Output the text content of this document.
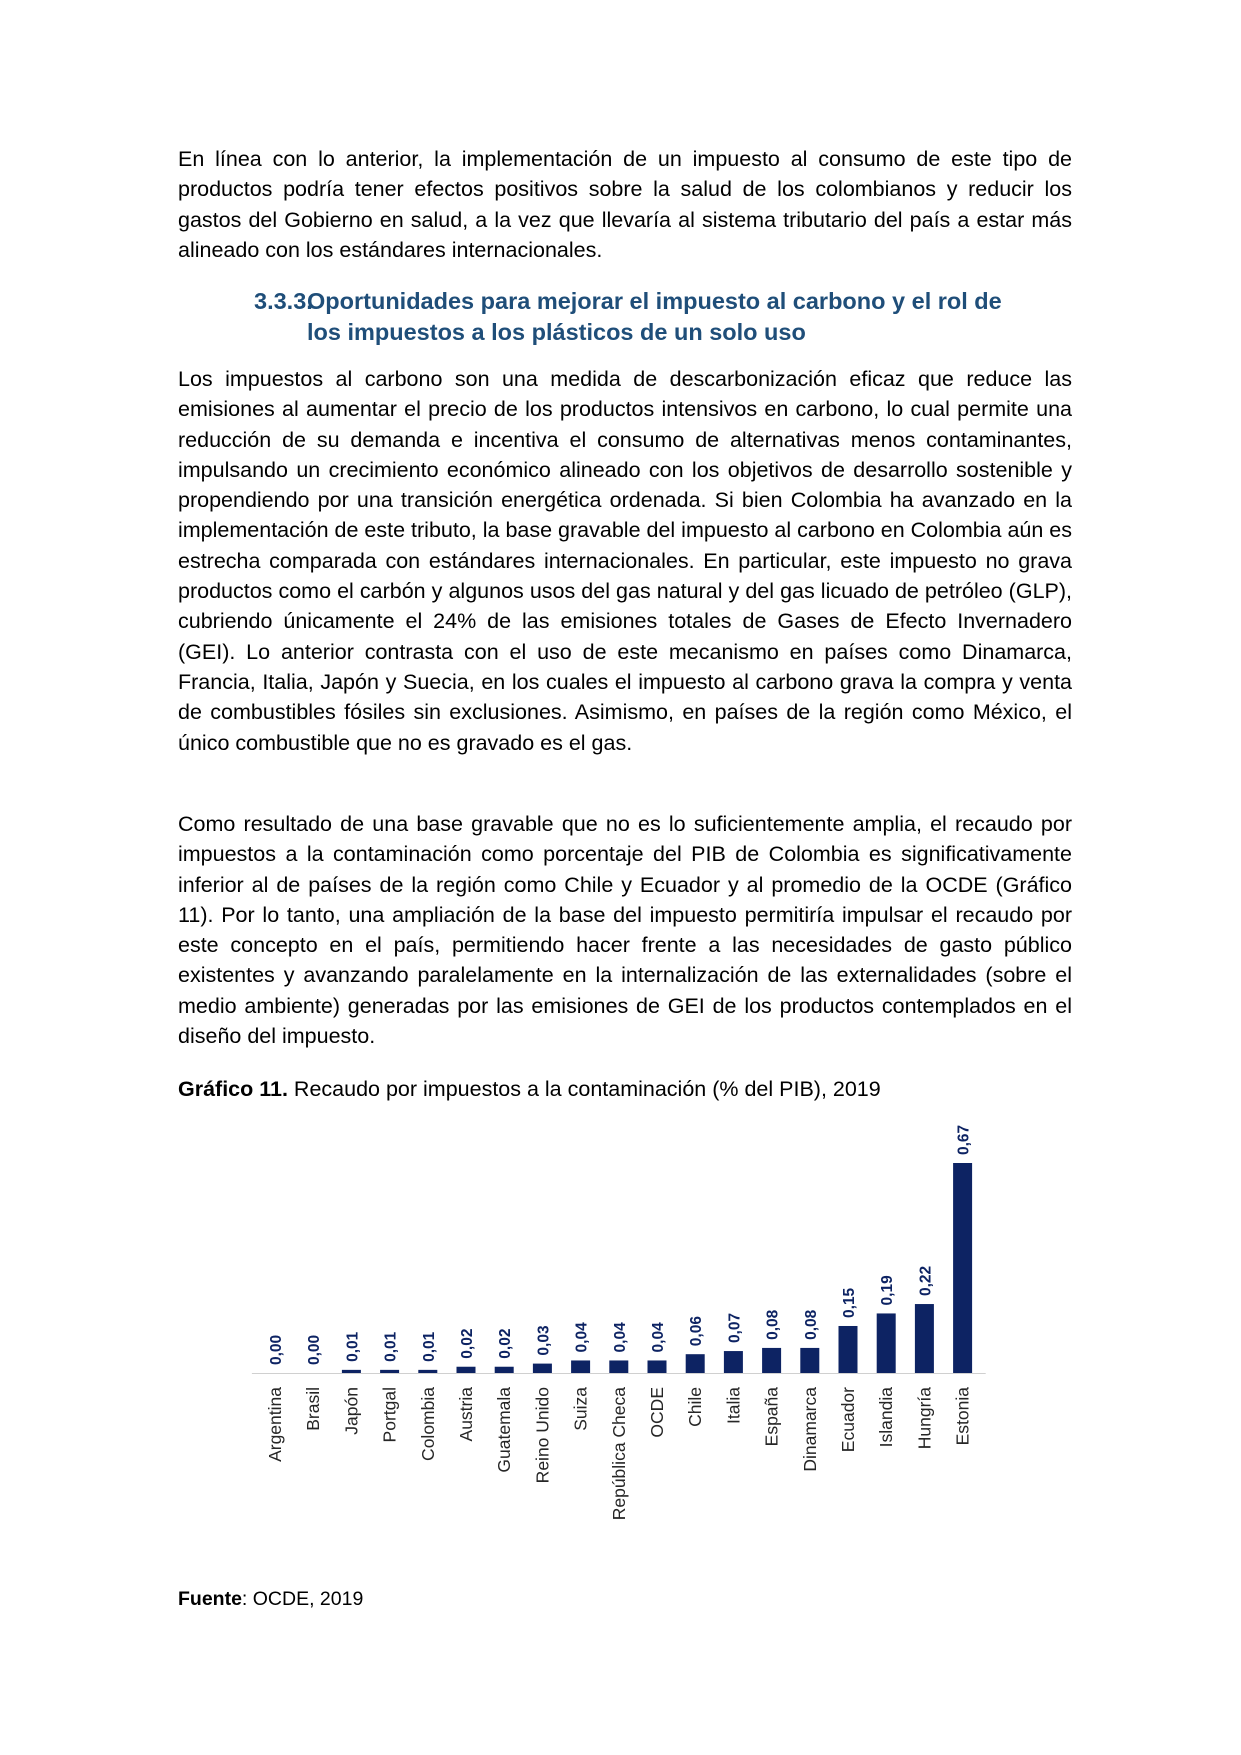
En línea con lo anterior, la implementación de un impuesto al consumo de este tipo de productos podría tener efectos positivos sobre la salud de los colombianos y reducir los gastos del Gobierno en salud, a la vez que llevaría al sistema tributario del país a estar más alineado con los estándares internacionales.

3.3.3.Oportunidades para mejorar el impuesto al carbono y el rol de
los impuestos a los plásticos de un solo uso

Los impuestos al carbono son una medida de descarbonización eficaz que reduce las emisiones al aumentar el precio de los productos intensivos en carbono, lo cual permite una reducción de su demanda e incentiva el consumo de alternativas menos contaminantes, impulsando un crecimiento económico alineado con los objetivos de desarrollo sostenible y propendiendo por una transición energética ordenada. Si bien Colombia ha avanzado en la implementación de este tributo, la base gravable del impuesto al carbono en Colombia aún es estrecha comparada con estándares internacionales. En particular, este impuesto no grava productos como el carbón y algunos usos del gas natural y del gas licuado de petróleo (GLP), cubriendo únicamente el 24% de las emisiones totales de Gases de Efecto Invernadero (GEI). Lo anterior contrasta con el uso de este mecanismo en países como Dinamarca, Francia, Italia, Japón y Suecia, en los cuales el impuesto al carbono grava la compra y venta de combustibles fósiles sin exclusiones. Asimismo, en países de la región como México, el único combustible que no es gravado es el gas.

Como resultado de una base gravable que no es lo suficientemente amplia, el recaudo por impuestos a la contaminación como porcentaje del PIB de Colombia es significativamente inferior al de países de la región como Chile y Ecuador y al promedio de la OCDE (Gráfico 11). Por lo tanto, una ampliación de la base del impuesto permitiría impulsar el recaudo por este concepto en el país, permitiendo hacer frente a las necesidades de gasto público existentes y avanzando paralelamente en la internalización de las externalidades (sobre el medio ambiente) generadas por las emisiones de GEI de los productos contemplados en el diseño del impuesto.

Gráfico 11. Recaudo por impuestos a la contaminación (% del PIB), 2019
0,00
Argentina
0,00
Brasil
0,01
Japón
0,01
Portgal
0,01
Colombia
0,02
Austria
0,02
Guatemala
0,03
Reino Unido
0,04
Suiza
0,04
República Checa
0,04
OCDE
0,06
Chile
0,07
Italia
0,08
España
0,08
Dinamarca
0,15
Ecuador
0,19
Islandia
0,22
Hungría
0,67
Estonia
Fuente: OCDE, 2019
